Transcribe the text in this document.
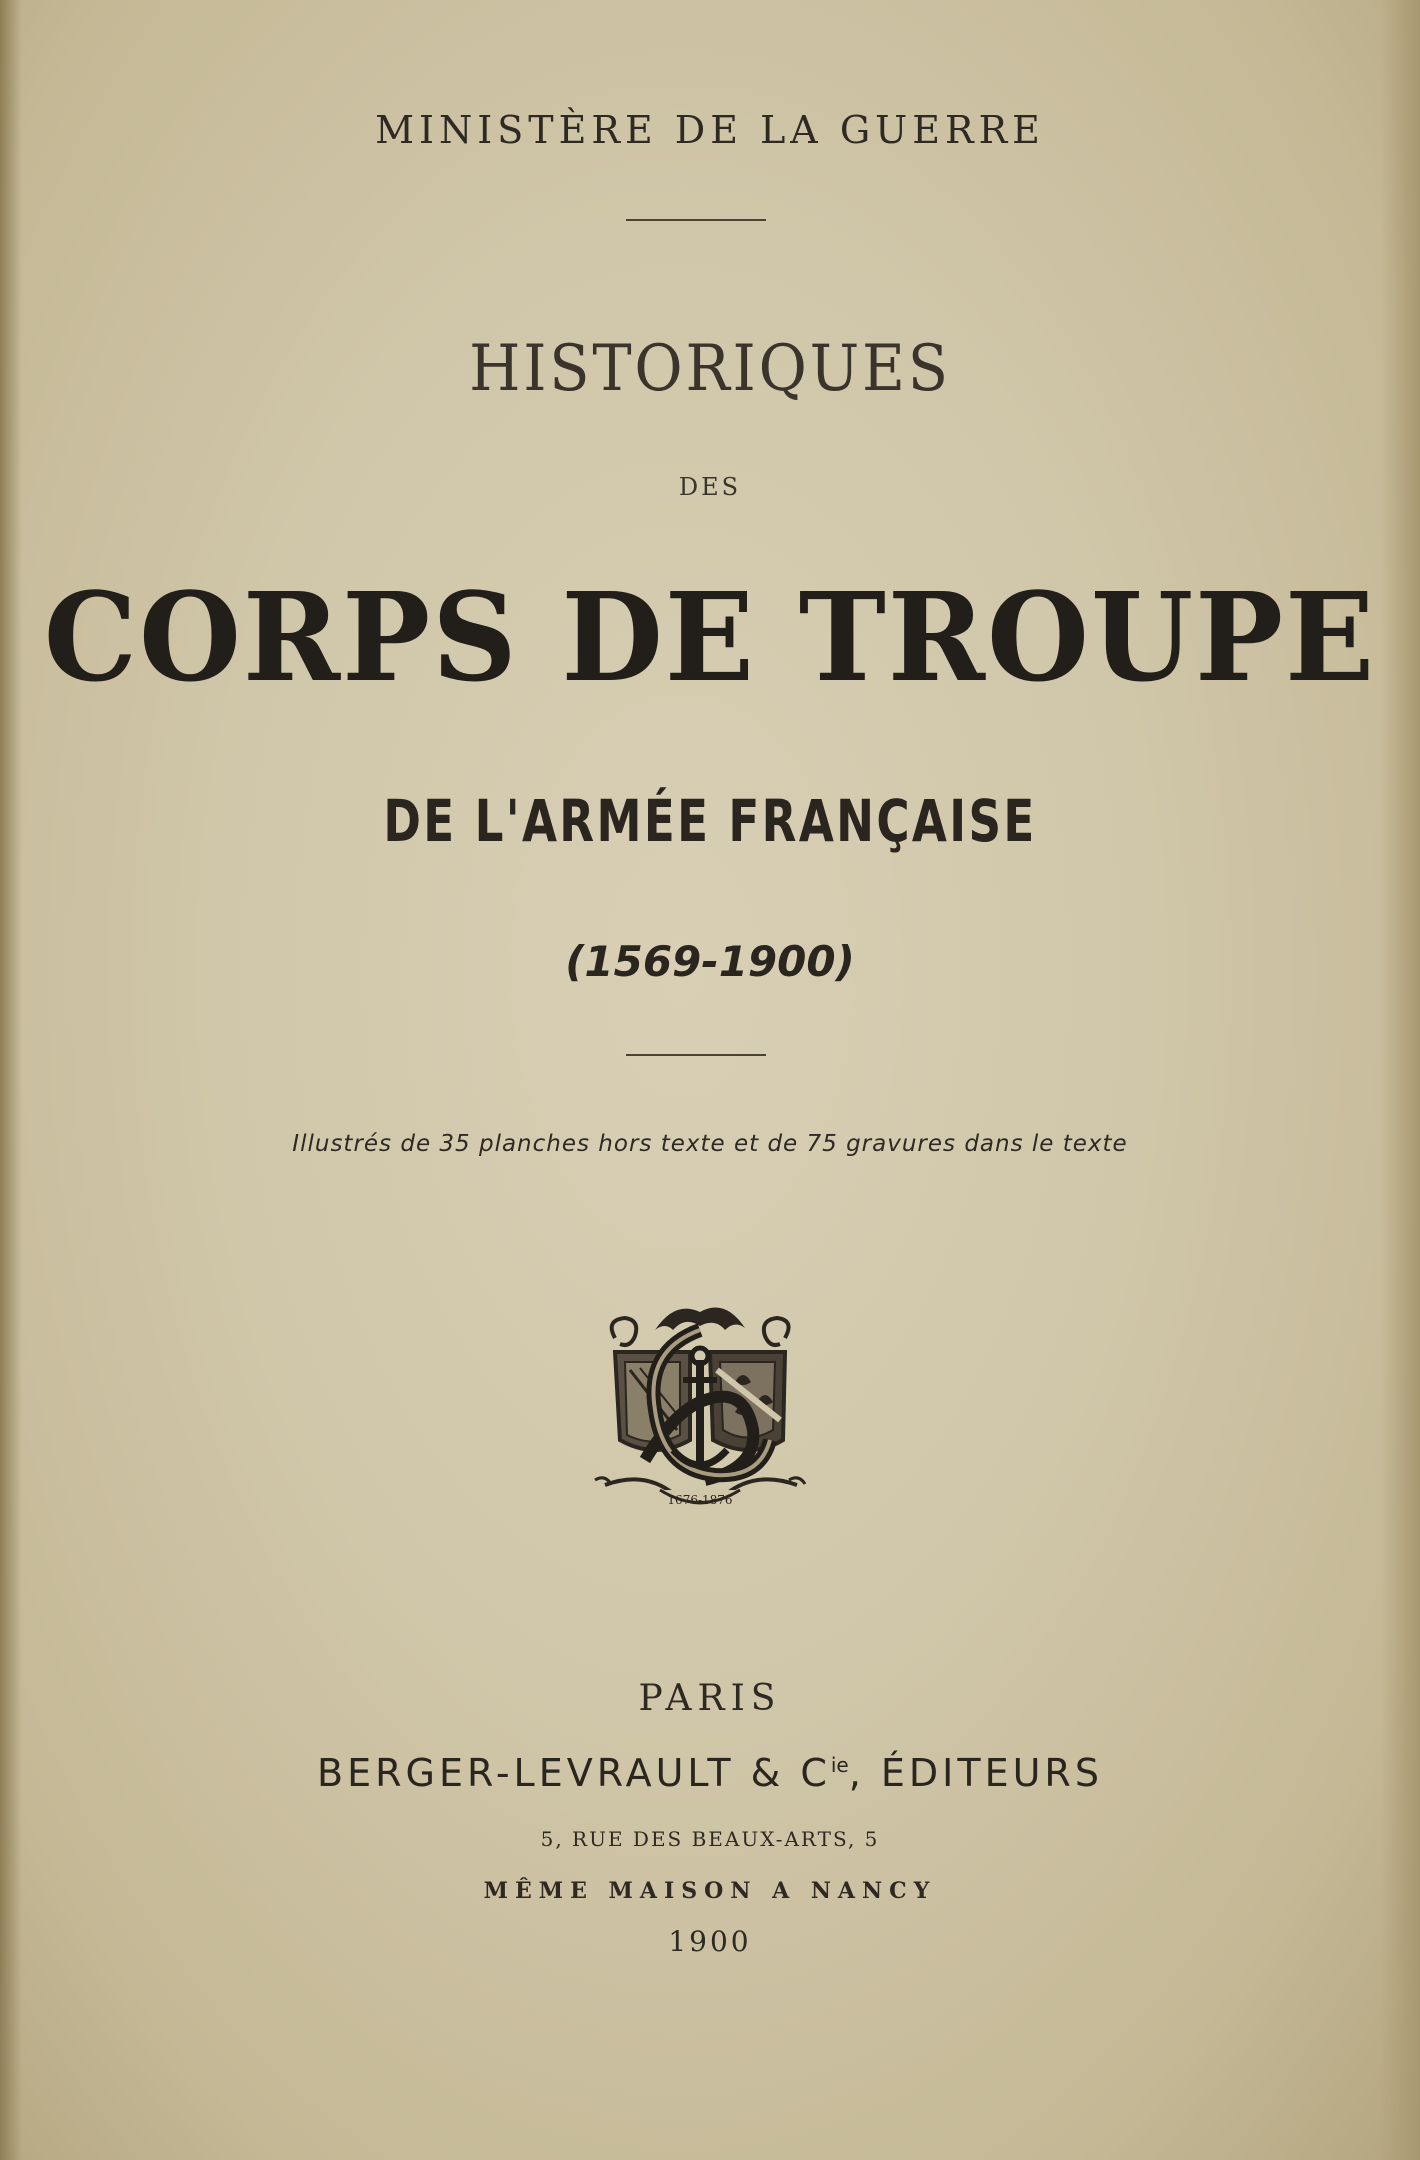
MINISTÈRE DE LA GUERRE
HISTORIQUES
DES
CORPS DE TROUPE
DE L'ARMÉE FRANÇAISE
(1569-1900)
Illustrés de 35 planches hors texte et de 75 gravures dans le texte
1676-1876
PARIS
BERGER-LEVRAULT & $C^{ie}$, ÉDITEURS
5, RUE DES BEAUX-ARTS, 5
MÊME MAISON A NANCY
1900
